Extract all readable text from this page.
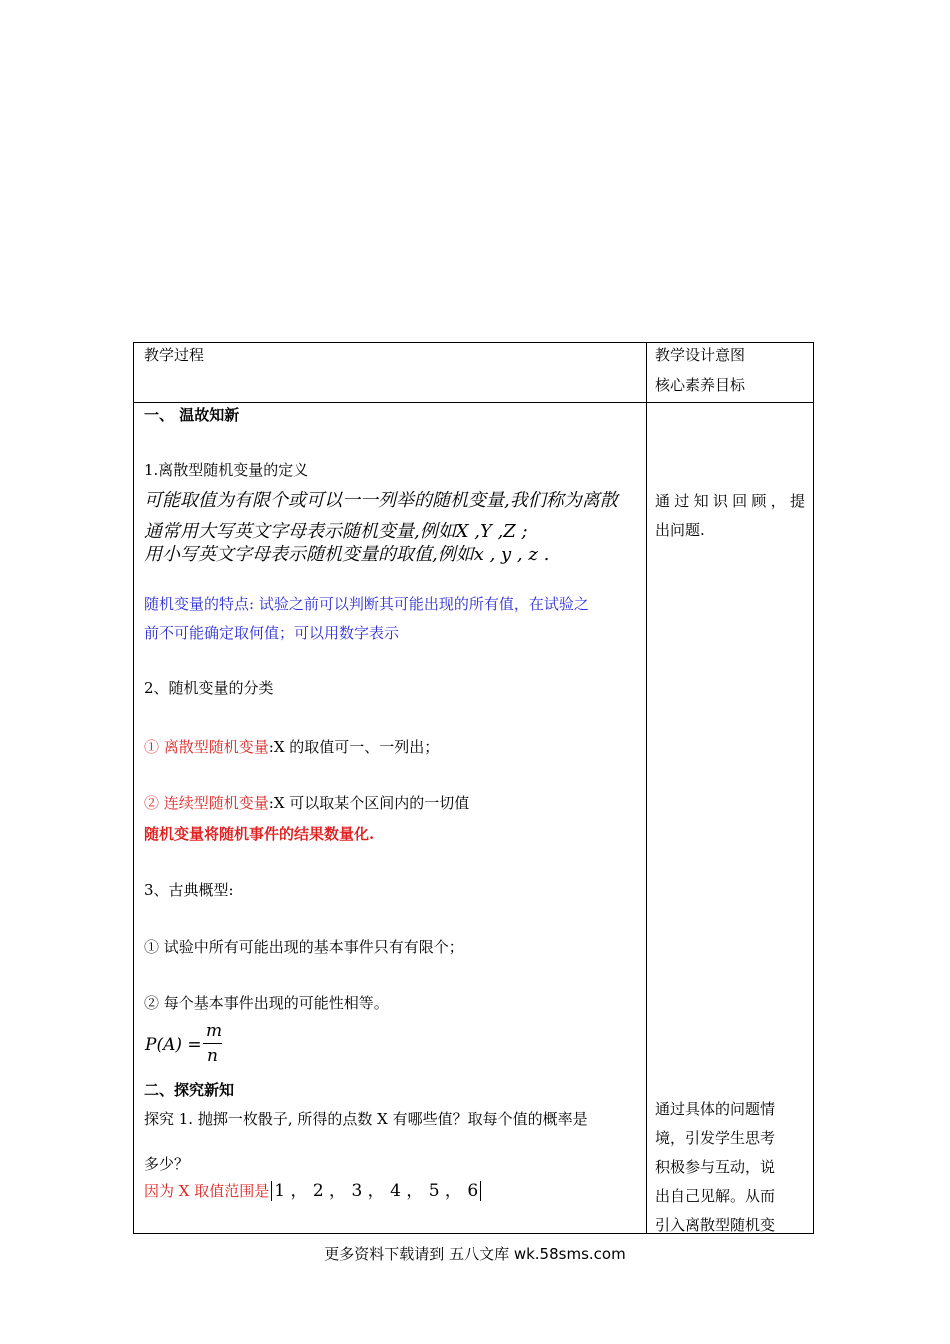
教学过程	教学设计意图
核心素养目标
一、 温故知新
1.离散型随机变量的定义
可能取值为有限个或可以一一列举的随机变量,我们称为离散
通常用大写英文字母表示随机变量,例如X ,Y ,Z ;
用小写英文字母表示随机变量的取值,例如x , y , z .
随机变量的特点: 试验之前可以判断其可能出现的所有值，在试验之
前不可能确定取何值；可以用数字表示
2、随机变量的分类
① 离散型随机变量:X 的取值可一、一列出；
② 连续型随机变量:X 可以取某个区间内的一切值
随机变量将随机事件的结果数量化.
3、古典概型:
① 试验中所有可能出现的基本事件只有有限个；
② 每个基本事件出现的可能性相等。
P(A) =
m
n
二、探究新知
探究 1. 抛掷一枚骰子, 所得的点数 X 有哪些值？取每个值的概率是
多少？
因为 X 取值范围是 1 ， 2 ， 3 ， 4 ， 5 ， 6
通过知识回顾，提
出问题.
通过具体的问题情
境，引发学生思考
积极参与互动，说
出自己见解。从而
引入离散型随机变
更多资料下载请到 五八文库 wk.58sms.com
